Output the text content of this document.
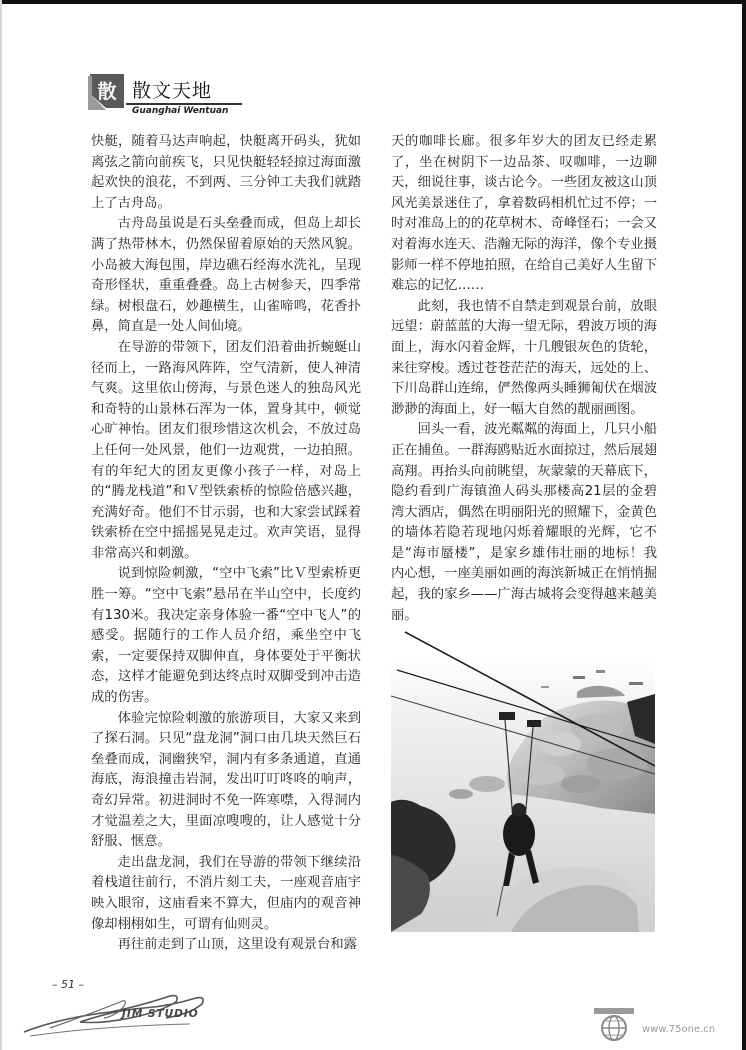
散 散文天地
Guanghai Wentuan

快艇，随着马达声响起，快艇离开码头，犹如离弦之箭向前疾飞，只见快艇轻轻掠过海面激起欢快的浪花，不到两、三分钟工夫我们就踏上了古舟岛。

古舟岛虽说是石头垒叠而成，但岛上却长满了热带林木，仍然保留着原始的天然风貌。小岛被大海包围，岸边礁石经海水洗礼，呈现奇形怪状，重重叠叠。岛上古树参天，四季常绿。树根盘石，妙趣横生，山雀啼鸣，花香扑鼻，简直是一处人间仙境。

在导游的带领下，团友们沿着曲折蜿蜒山径而上，一路海风阵阵，空气清新，使人神清气爽。这里依山傍海，与景色迷人的独岛风光和奇特的山景林石浑为一体，置身其中，顿觉心旷神怡。团友们很珍惜这次机会，不放过岛上任何一处风景，他们一边观赏，一边拍照。有的年纪大的团友更像小孩子一样，对岛上的“腾龙栈道”和Ｖ型铁索桥的惊险倍感兴趣，充满好奇。他们不甘示弱，也和大家尝试踩着铁索桥在空中摇摇晃晃走过。欢声笑语，显得非常高兴和刺激。

说到惊险刺激，“空中飞索”比Ｖ型索桥更胜一筹。“空中飞索”悬吊在半山空中，长度约有130米。我决定亲身体验一番“空中飞人”的感受。据随行的工作人员介绍，乘坐空中飞索，一定要保持双脚伸直，身体要处于平衡状态，这样才能避免到达终点时双脚受到冲击造成的伤害。

体验完惊险刺激的旅游项目，大家又来到了探石洞。只见“盘龙洞”洞口由几块天然巨石垒叠而成，洞幽狭窄，洞内有多条通道，直通海底，海浪撞击岩洞，发出叮叮咚咚的响声，奇幻异常。初进洞时不免一阵寒噤，入得洞内才觉温差之大，里面凉嗖嗖的，让人感觉十分舒服、惬意。

走出盘龙洞，我们在导游的带领下继续沿着栈道往前行，不消片刻工夫，一座观音庙宇映入眼帘，这庙看来不算大，但庙内的观音神像却栩栩如生，可谓有仙则灵。

再往前走到了山顶，这里设有观景台和露

天的咖啡长廊。很多年岁大的团友已经走累了，坐在树阴下一边品茶、叹咖啡，一边聊天，细说往事，谈古论今。一些团友被这山顶风光美景迷住了，拿着数码相机忙过不停；一时对准岛上的的花草树木、奇峰怪石；一会又对着海水连天、浩瀚无际的海洋，像个专业摄影师一样不停地拍照，在给自己美好人生留下难忘的记忆……

此刻，我也情不自禁走到观景台前，放眼远望：蔚蓝蓝的大海一望无际，碧波万顷的海面上，海水闪着金辉，十几艘银灰色的货轮，来往穿梭。透过苍苍茫茫的海天，远处的上、下川岛群山连绵，俨然像两头睡狮匍伏在烟波渺渺的海面上，好一幅大自然的靓丽画图。

回头一看，波光粼粼的海面上，几只小船正在捕鱼。一群海鸥贴近水面掠过，然后展翅高翔。再抬头向前眺望，灰蒙蒙的天幕底下，隐约看到广海镇渔人码头那楼高21层的金碧湾大酒店，偶然在明丽阳光的照耀下，金黄色的墙体若隐若现地闪烁着耀眼的光辉，它不是“海市蜃楼”，是家乡雄伟壮丽的地标！我内心想，一座美丽如画的海滨新城正在悄悄掘起，我的家乡——广海古城将会变得越来越美丽。

– 51 –
JIM STUDIO
www.75one.cn
